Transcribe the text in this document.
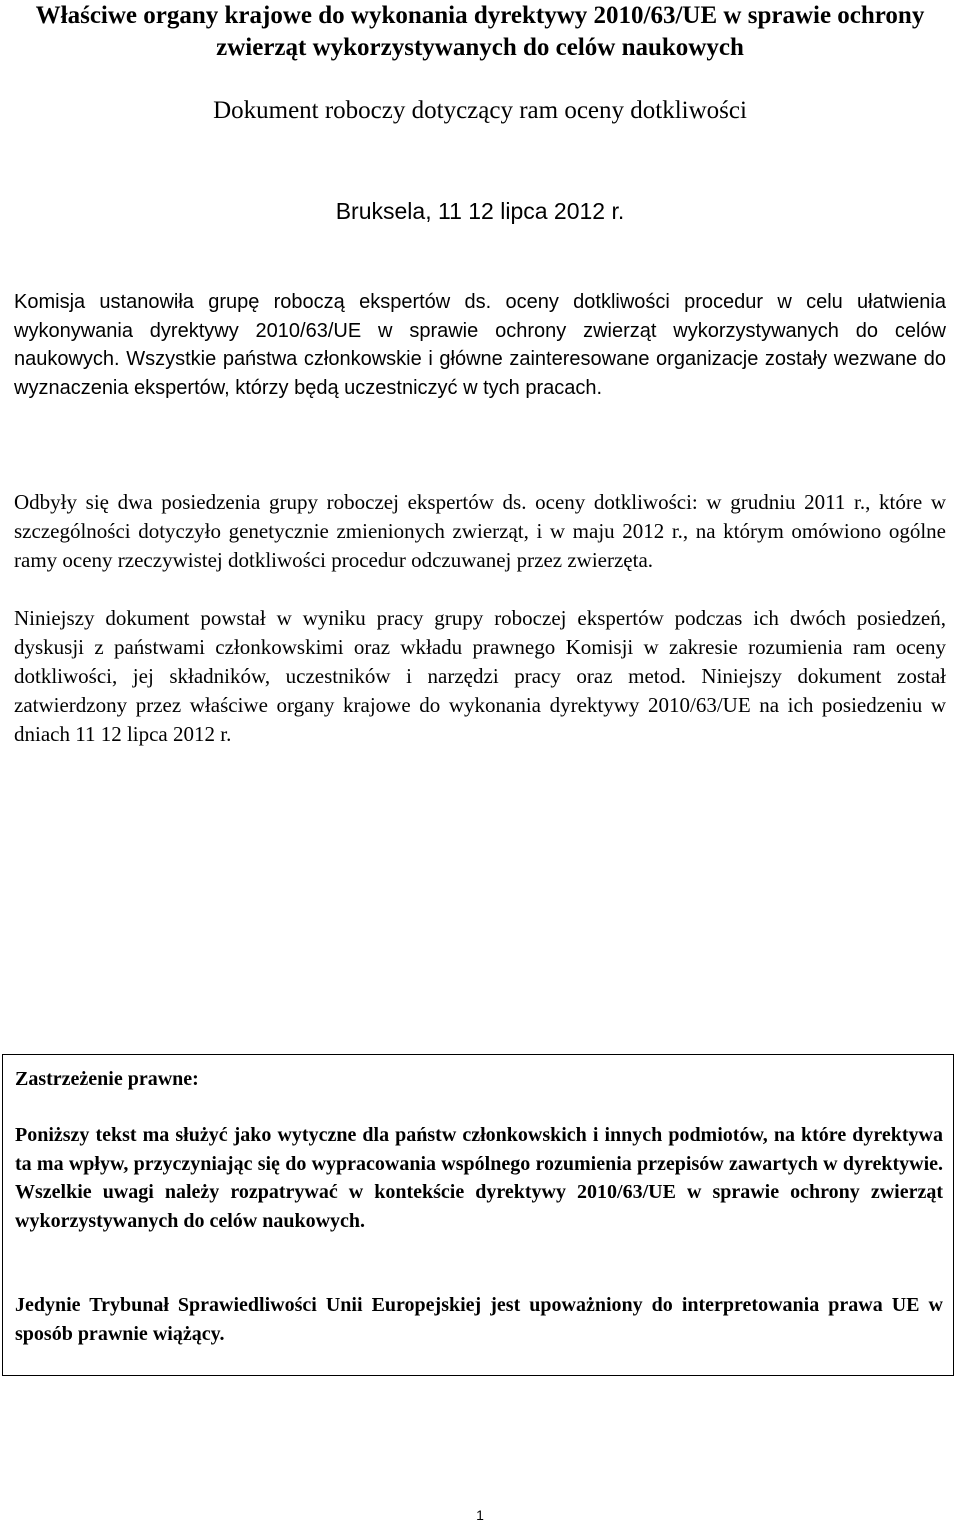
Właściwe organy krajowe do wykonania dyrektywy 2010/63/UE w sprawie ochrony zwierząt wykorzystywanych do celów naukowych
Dokument roboczy dotyczący ram oceny dotkliwości
Bruksela, 11 12 lipca 2012 r.

Komisja ustanowiła grupę roboczą ekspertów ds. oceny dotkliwości procedur w celu ułatwienia wykonywania dyrektywy 2010/63/UE w sprawie ochrony zwierząt wykorzystywanych do celów naukowych. Wszystkie państwa członkowskie i główne zainteresowane organizacje zostały wezwane do wyznaczenia ekspertów, którzy będą uczestniczyć w tych pracach.

Odbyły się dwa posiedzenia grupy roboczej ekspertów ds. oceny dotkliwości: w grudniu 2011 r., które w szczególności dotyczyło genetycznie zmienionych zwierząt, i w maju 2012 r., na którym omówiono ogólne ramy oceny rzeczywistej dotkliwości procedur odczuwanej przez zwierzęta.

Niniejszy dokument powstał w wyniku pracy grupy roboczej ekspertów podczas ich dwóch posiedzeń, dyskusji z państwami członkowskimi oraz wkładu prawnego Komisji w zakresie rozumienia ram oceny dotkliwości, jej składników, uczestników i narzędzi pracy oraz metod. Niniejszy dokument został zatwierdzony przez właściwe organy krajowe do wykonania dyrektywy 2010/63/UE na ich posiedzeniu w dniach 11 12 lipca 2012 r.

Zastrzeżenie prawne:

Poniższy tekst ma służyć jako wytyczne dla państw członkowskich i innych podmiotów, na które dyrektywa ta ma wpływ, przyczyniając się do wypracowania wspólnego rozumienia przepisów zawartych w dyrektywie. Wszelkie uwagi należy rozpatrywać w kontekście dyrektywy 2010/63/UE w sprawie ochrony zwierząt wykorzystywanych do celów naukowych.

Jedynie Trybunał Sprawiedliwości Unii Europejskiej jest upoważniony do interpretowania prawa UE w sposób prawnie wiążący.

1
